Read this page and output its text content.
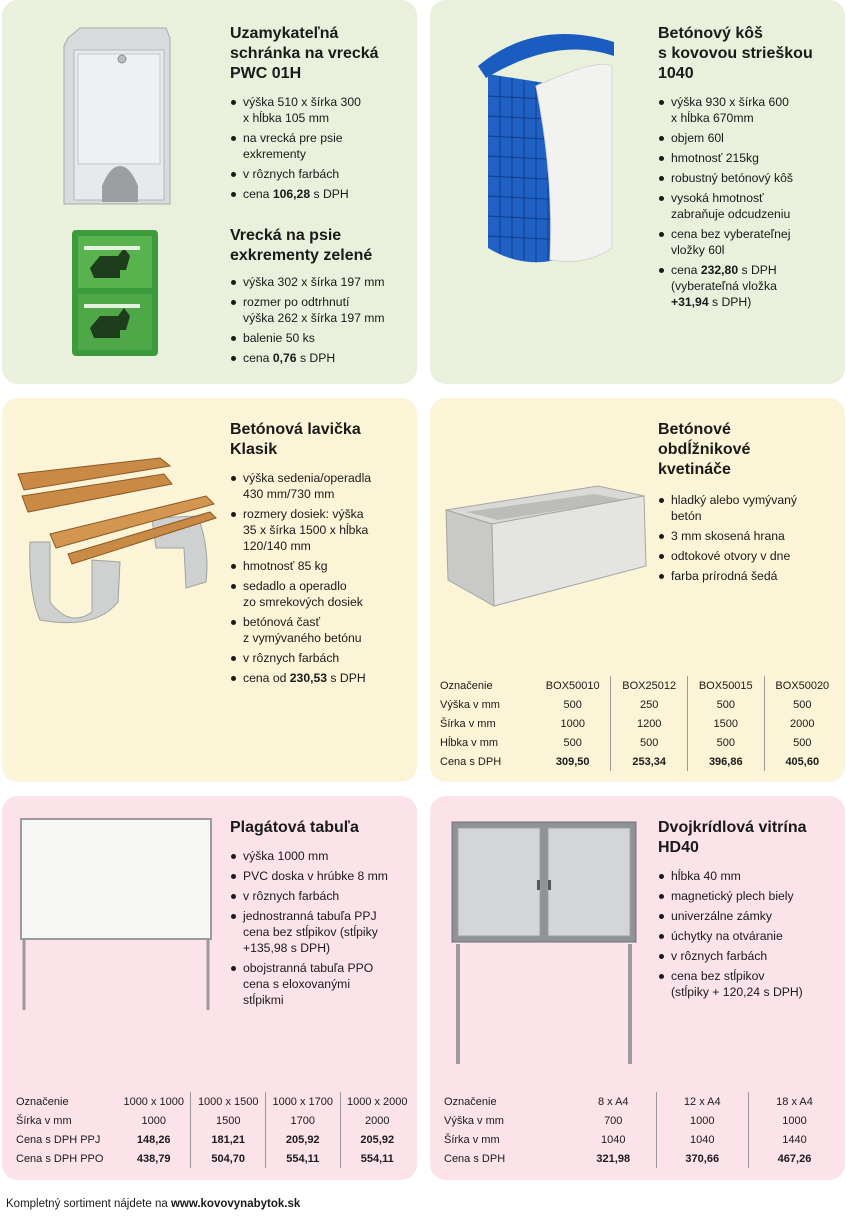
Uzamykateľná
schránka na vrecká
PWC 01H
výška 510 x šírka 300
x hĺbka 105 mm
na vrecká pre psie
exkrementy
v rôznych farbách
cena 106,28 s DPH
Vrecká na psie
exkrementy zelené
výška 302 x šírka 197 mm
rozmer po odtrhnutí
výška 262 x šírka 197 mm
balenie 50 ks
cena 0,76 s DPH
Betónový kôš
s kovovou strieškou
1040
výška 930 x šírka 600
x hĺbka 670mm
objem 60l
hmotnosť 215kg
robustný betónový kôš
vysoká hmotnosť
zabraňuje odcudzeniu
cena bez vyberateľnej
vložky 60l
cena 232,80 s DPH
(vyberateľná vložka
+31,94 s DPH)
Betónová lavička
Klasik
výška sedenia/operadla
430 mm/730 mm
rozmery dosiek: výška
35 x šírka 1500 x hĺbka
120/140 mm
hmotnosť 85 kg
sedadlo a operadlo
zo smrekových dosiek
betónová časť
z vymývaného betónu
v rôznych farbách
cena od 230,53 s DPH
Betónové
obdĺžnikové
kvetináče
hladký alebo vymývaný
betón
3 mm skosená hrana
odtokové otvory v dne
farba prírodná šedá
Označenie	BOX50010	BOX25012	BOX50015	BOX50020
Výška v mm	500	250	500	500
Šírka v mm	1000	1200	1500	2000
Hĺbka v mm	500	500	500	500
Cena s DPH	309,50	253,34	396,86	405,60
Plagátová tabuľa
výška 1000 mm
PVC doska v hrúbke 8 mm
v rôznych farbách
jednostranná tabuľa PPJ
cena bez stĺpikov (stĺpiky
+135,98 s DPH)
obojstranná tabuľa PPO
cena s eloxovanými
stĺpikmi
Označenie	1000 x 1000	1000 x 1500	1000 x 1700	1000 x 2000
Šírka v mm	1000	1500	1700	2000
Cena s DPH PPJ	148,26	181,21	205,92	205,92
Cena s DPH PPO	438,79	504,70	554,11	554,11
Dvojkrídlová vitrína
HD40
hĺbka 40 mm
magnetický plech biely
univerzálne zámky
úchytky na otváranie
v rôznych farbách
cena bez stĺpikov
(stĺpiky + 120,24 s DPH)
Označenie	8 x A4	12 x A4	18 x A4
Výška v mm	700	1000	1000
Šírka v mm	1040	1040	1440
Cena s DPH	321,98	370,66	467,26
Kompletný sortiment nájdete na www.kovovynabytok.sk
